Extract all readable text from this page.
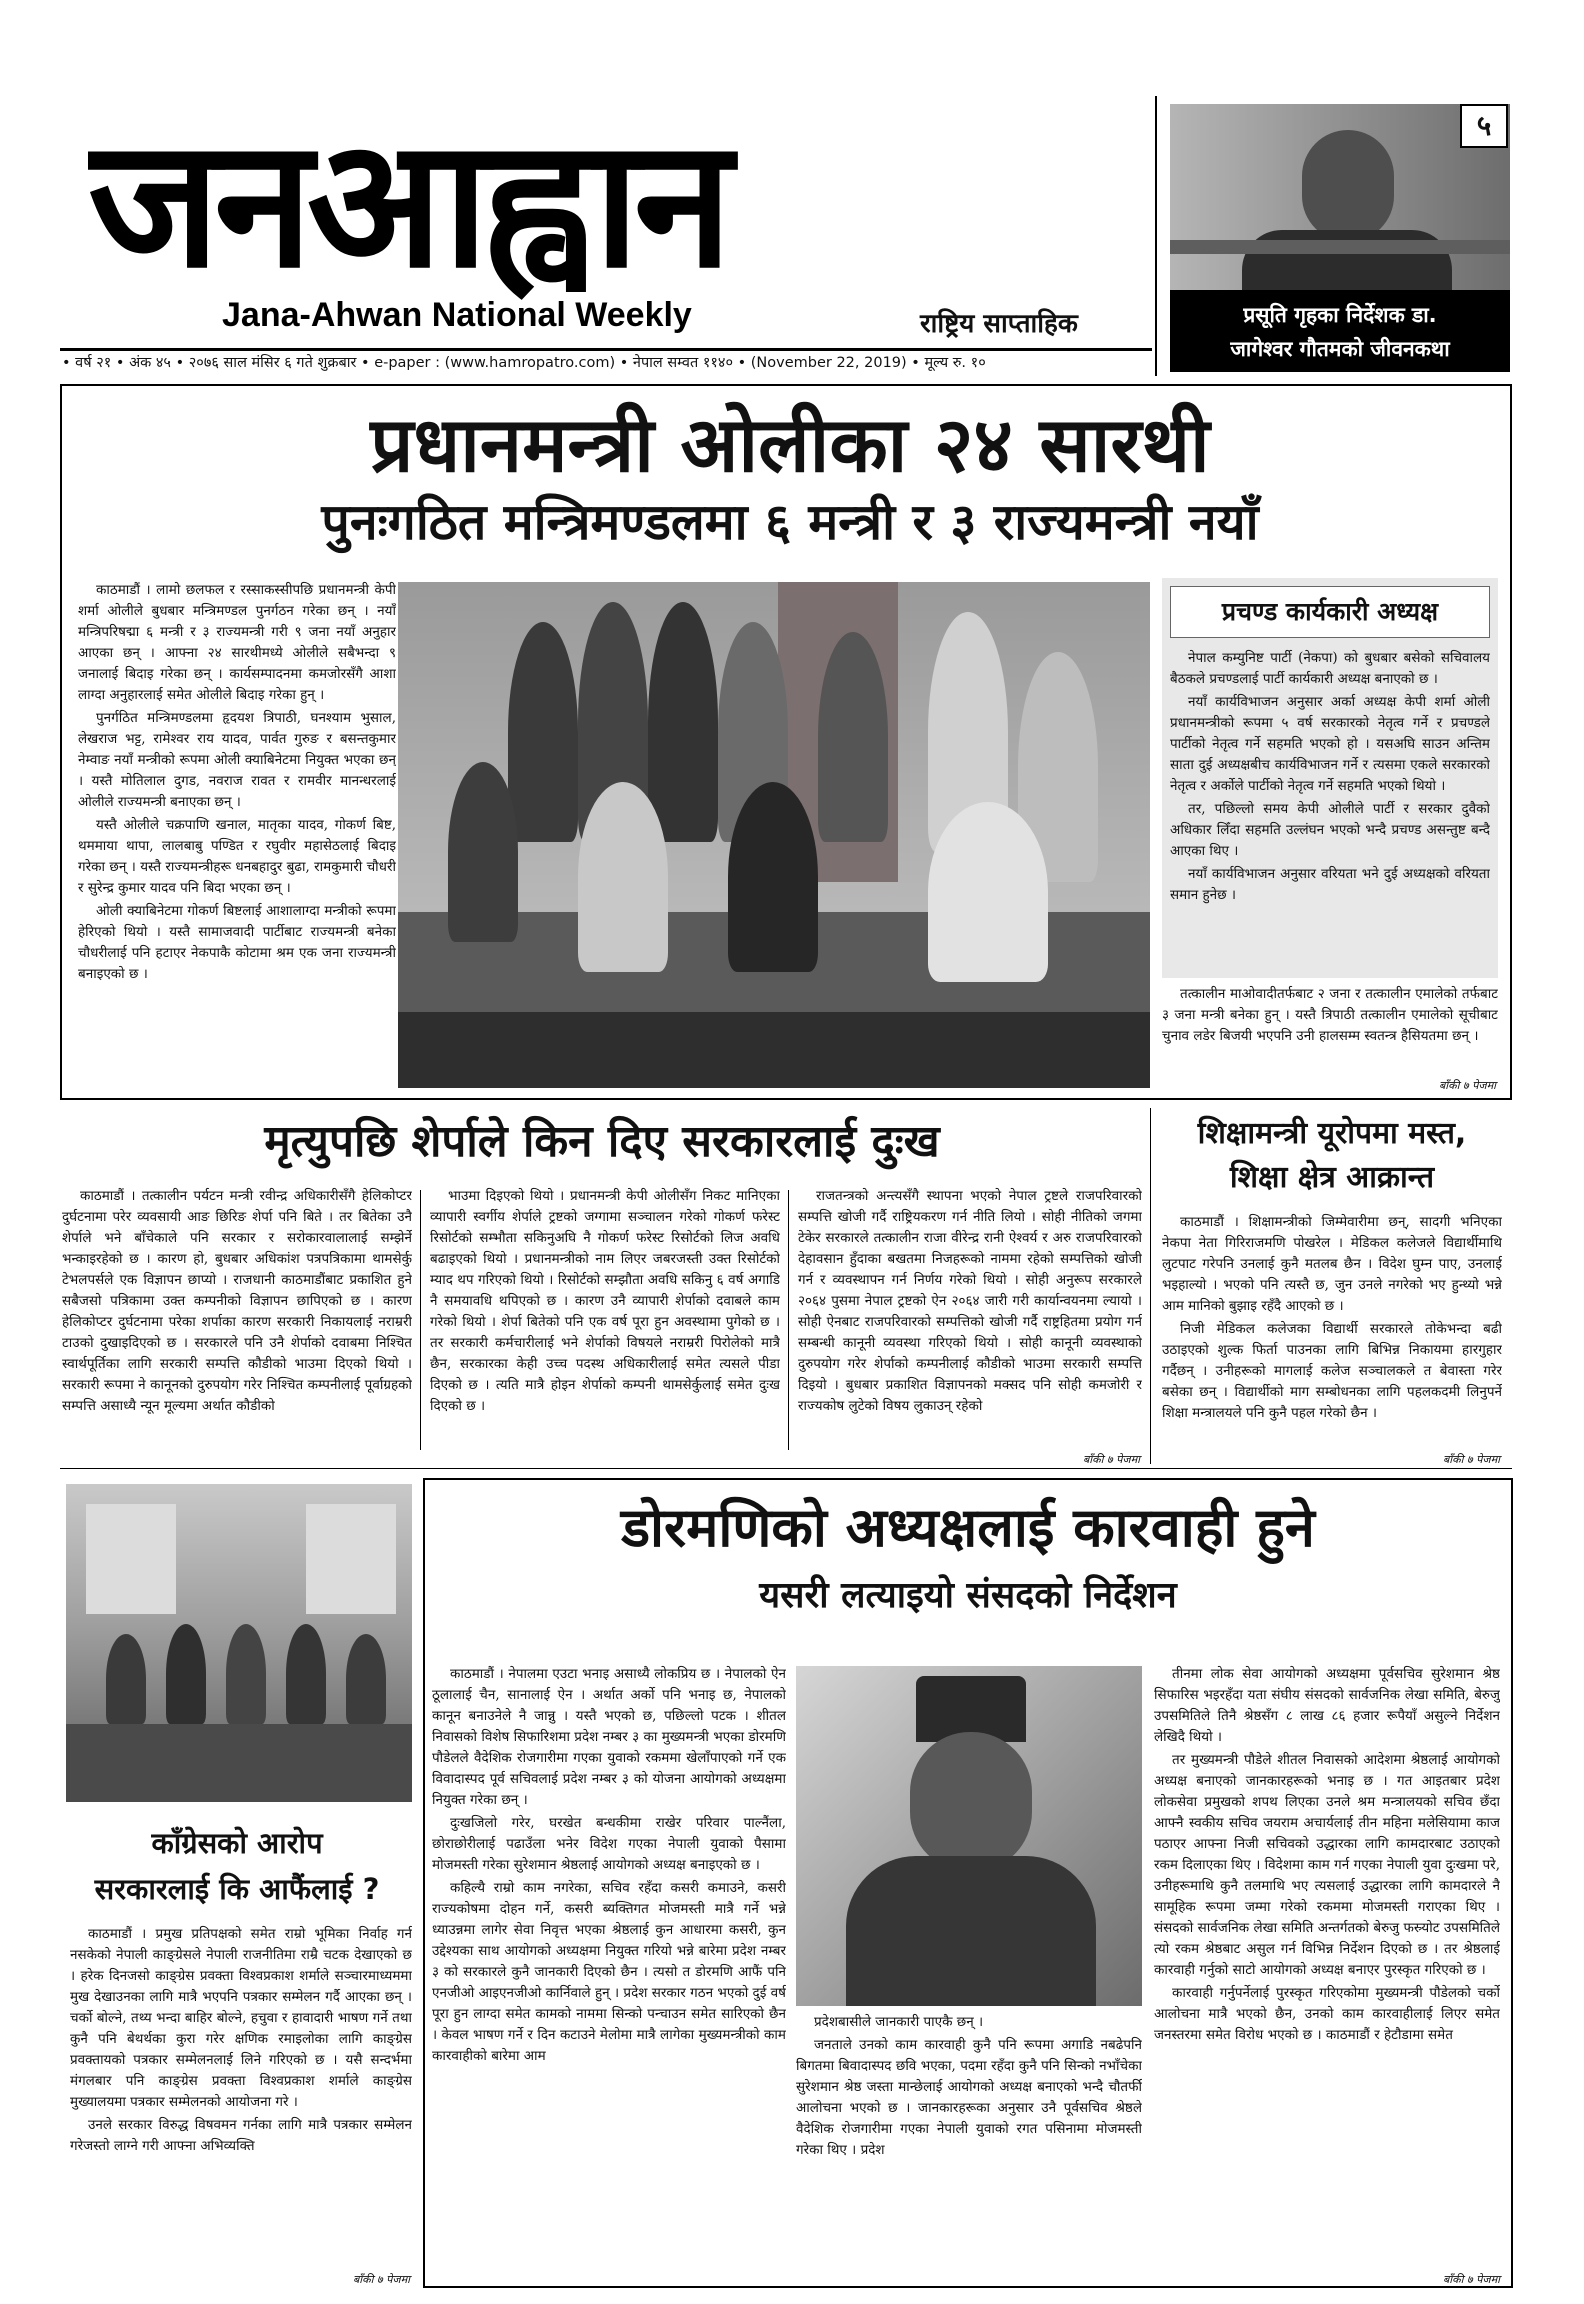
जनआह्वान
Jana-Ahwan National Weekly	राष्ट्रिय साप्ताहिक
• वर्ष २१ • अंक ४५ • २०७६ साल मंसिर ६ गते शुक्रबार • e-paper : (www.hamropatro.com) • नेपाल सम्वत ११४० • (November 22, 2019) • मूल्य रु. १०
५
प्रसूति गृहका निर्देशक डा.
जागेश्वर गौतमको जीवनकथा
प्रधानमन्त्री ओलीका २४ सारथी
पुनःगठित मन्त्रिमण्डलमा ६ मन्त्री र ३ राज्यमन्त्री नयाँ

काठमाडौं । लामो छलफल र रस्साकस्सीपछि प्रधानमन्त्री केपी शर्मा ओलीले बुधबार मन्त्रिमण्डल पुनर्गठन गरेका छन् । नयाँ मन्त्रिपरिषद्मा ६ मन्त्री र ३ राज्यमन्त्री गरी ९ जना नयाँ अनुहार आएका छन् । आफ्ना २४ सारथीमध्ये ओलीले सबैभन्दा ९ जनालाई बिदाइ गरेका छन् । कार्यसम्पादनमा कमजोरसँगै आशा लाग्दा अनुहारलाई समेत ओलीले बिदाइ गरेका हुन् ।

पुनर्गठित मन्त्रिमण्डलमा हृदयश त्रिपाठी, घनश्याम भुसाल, लेखराज भट्ट, रामेश्वर राय यादव, पार्वत गुरुङ र बसन्तकुमार नेम्वाङ नयाँ मन्त्रीको रूपमा ओली क्याबिनेटमा नियुक्त भएका छन् । यस्तै मोतिलाल दुगड, नवराज रावत र रामवीर मानन्धरलाई ओलीले राज्यमन्त्री बनाएका छन् ।

यस्तै ओलीले चक्रपाणि खनाल, मातृका यादव, गोकर्ण बिष्ट, थममाया थापा, लालबाबु पण्डित र रघुवीर महासेठलाई बिदाइ गरेका छन् । यस्तै राज्यमन्त्रीहरू धनबहादुर बुढा, रामकुमारी चौधरी र सुरेन्द्र कुमार यादव पनि बिदा भएका छन् ।

ओली क्याबिनेटमा गोकर्ण बिष्टलाई आशालाग्दा मन्त्रीको रूपमा हेरिएको थियो । यस्तै सामाजवादी पार्टीबाट राज्यमन्त्री बनेका चौधरीलाई पनि हटाएर नेकपाकै कोटामा श्रम एक जना राज्यमन्त्री बनाइएको छ ।

प्रचण्ड कार्यकारी अध्यक्ष

नेपाल कम्युनिष्ट पार्टी (नेकपा) को बुधबार बसेको सचिवालय बैठकले प्रचण्डलाई पार्टी कार्यकारी अध्यक्ष बनाएको छ ।

नयाँ कार्यविभाजन अनुसार अर्का अध्यक्ष केपी शर्मा ओली प्रधानमन्त्रीको रूपमा ५ वर्ष सरकारको नेतृत्व गर्ने र प्रचण्डले पार्टीको नेतृत्व गर्ने सहमति भएको हो । यसअघि साउन अन्तिम साता दुई अध्यक्षबीच कार्यविभाजन गर्ने र त्यसमा एकले सरकारको नेतृत्व र अर्कोले पार्टीको नेतृत्व गर्ने सहमति भएको थियो ।

तर, पछिल्लो समय केपी ओलीले पार्टी र सरकार दुवैको अधिकार लिँदा सहमति उल्लंघन भएको भन्दै प्रचण्ड असन्तुष्ट बन्दै आएका थिए ।

नयाँ कार्यविभाजन अनुसार वरियता भने दुई अध्यक्षको वरियता समान हुनेछ ।

तत्कालीन माओवादीतर्फबाट २ जना र तत्कालीन एमालेको तर्फबाट ३ जना मन्त्री बनेका हुन् । यस्तै त्रिपाठी तत्कालीन एमालेको सूचीबाट चुनाव लडेर बिजयी भएपनि उनी हालसम्म स्वतन्त्र हैसियतमा छन् ।

बाँकी ७ पेजमा
मृत्युपछि शेर्पाले किन दिए सरकारलाई दुःख

काठमाडौं । तत्कालीन पर्यटन मन्त्री रवीन्द्र अधिकारीसँगै हेलिकोप्टर दुर्घटनामा परेर व्यवसायी आङ छिरिङ शेर्पा पनि बिते । तर बितेका उनै शेर्पाले भने बाँचेकाले पनि सरकार र सरोकारवालालाई सम्झेर्ने भन्काइरहेको छ । कारण हो, बुधबार अधिकांश पत्रपत्रिकामा थामसेर्कु टेभलपर्सले एक विज्ञापन छाप्यो । राजधानी काठमाडौंबाट प्रकाशित हुने सबैजसो पत्रिकामा उक्त कम्पनीको विज्ञापन छापिएको छ । कारण हेलिकोप्टर दुर्घटनामा परेका शर्पाका कारण सरकारी निकायलाई नराम्ररी टाउको दुखाइदिएको छ । सरकारले पनि उनै शेर्पाको दवाबमा निश्चित स्वार्थपूर्तिका लागि सरकारी सम्पत्ति कौडीको भाउमा दिएको थियो । सरकारी रूपमा ने कानूनको दुरुपयोग गरेर निश्चित कम्पनीलाई पूर्वाग्रहको सम्पत्ति असाध्यै न्यून मूल्यमा अर्थात कौडीको

भाउमा दिइएको थियो । प्रधानमन्त्री केपी ओलीसँग निकट मानिएका व्यापारी स्वर्गीय शेर्पाले ट्रष्टको जग्गामा सञ्चालन गरेको गोकर्ण फरेस्ट रिसोर्टको सम्भौता सकिनुअघि नै गोकर्ण फरेस्ट रिसोर्टको लिज अवधि बढाइएको थियो । प्रधानमन्त्रीको नाम लिएर जबरजस्ती उक्त रिसोर्टको म्याद थप गरिएको थियो । रिसोर्टको सम्झौता अवधि सकिनु ६ वर्ष अगाडि नै समयावधि थपिएको छ । कारण उनै व्यापारी शेर्पाको दवाबले काम गरेको थियो । शेर्पा बितेको पनि एक वर्ष पूरा हुन अवस्थामा पुगेको छ । तर सरकारी कर्मचारीलाई भने शेर्पाको विषयले नराम्ररी पिरोलेको मात्रै छैन, सरकारका केही उच्च पदस्थ अधिकारीलाई समेत त्यसले पीडा दिएको छ । त्यति मात्रै होइन शेर्पाको कम्पनी थामसेर्कुलाई समेत दुःख दिएको छ ।

राजतन्त्रको अन्त्यसँगै स्थापना भएको नेपाल ट्रष्टले राजपरिवारको सम्पत्ति खोजी गर्दै राष्ट्रियकरण गर्न नीति लियो । सोही नीतिको जगमा टेकेर सरकारले तत्कालीन राजा वीरेन्द्र रानी ऐश्वर्य र अरु राजपरिवारको देहावसान हुँदाका बखतमा निजहरूको नाममा रहेको सम्पत्तिको खोजी गर्न र व्यवस्थापन गर्न निर्णय गरेको थियो । सोही अनुरूप सरकारले २०६४ पुसमा नेपाल ट्रष्टको ऐन २०६४ जारी गरी कार्यान्वयनमा ल्यायो । सोही ऐनबाट राजपरिवारको सम्पत्तिको खोजी गर्दै राष्ट्रहितमा प्रयोग गर्न सम्बन्धी कानूनी व्यवस्था गरिएको थियो । सोही कानूनी व्यवस्थाको दुरुपयोग गरेर शेर्पाको कम्पनीलाई कौडीको भाउमा सरकारी सम्पत्ति दिइयो । बुधबार प्रकाशित विज्ञापनको मक्सद पनि सोही कमजोरी र राज्यकोष लुटेको विषय लुकाउन् रहेको

बाँकी ७ पेजमा
शिक्षामन्त्री यूरोपमा मस्त,
शिक्षा क्षेत्र आक्रान्त

काठमाडौं । शिक्षामन्त्रीको जिम्मेवारीमा छन्, सादगी भनिएका नेकपा नेता गिरिराजमणि पोखरेल । मेडिकल कलेजले विद्यार्थीमाथि लुटपाट गरेपनि उनलाई कुनै मतलब छैन । विदेश घुम्न पाए, उनलाई भइहाल्यो । भएको पनि त्यस्तै छ, जुन उनले नगरेको भए हुन्थ्यो भन्ने आम मानिको बुझाइ रहँदै आएको छ ।

निजी मेडिकल कलेजका विद्यार्थी सरकारले तोकेभन्दा बढी उठाइएको शुल्क फिर्ता पाउनका लागि बिभिन्न निकायमा हारगुहार गर्दैछन् । उनीहरूको मागलाई कलेज सञ्चालकले त बेवास्ता गरेर बसेका छन् । विद्यार्थीको माग सम्बोधनका लागि पहलकदमी लिनुपर्ने शिक्षा मन्त्रालयले पनि कुनै पहल गरेको छैन ।

बाँकी ७ पेजमा
काँग्रेसको आरोप
सरकारलाई कि आफैंलाई ?

काठमाडौं । प्रमुख प्रतिपक्षको समेत राम्रो भूमिका निर्वाह गर्न नसकेको नेपाली काङ्ग्रेसले नेपाली राजनीतिमा राम्रै चटक देखाएको छ । हरेक दिनजसो काङ्ग्रेस प्रवक्ता विश्वप्रकाश शर्माले सञ्चारमाध्यममा मुख देखाउनका लागि मात्रै भएपनि पत्रकार सम्मेलन गर्दै आएका छन् । चर्को बोल्ने, तथ्य भन्दा बाहिर बोल्ने, हचुवा र हावादारी भाषण गर्ने तथा कुनै पनि बेथर्थका कुरा गरेर क्षणिक रमाइलोका लागि काङ्ग्रेस प्रवक्तायको पत्रकार सम्मेलनलाई लिने गरिएको छ । यसै सन्दर्भमा मंगलबार पनि काङ्ग्रेस प्रवक्ता विश्वप्रकाश शर्माले काङ्ग्रेस मुख्यालयमा पत्रकार सम्मेलनको आयोजना गरे ।

उनले सरकार विरुद्ध विषवमन गर्नका लागि मात्रै पत्रकार सम्मेलन गरेजस्तो लाग्ने गरी आफ्ना अभिव्यक्ति

बाँकी ७ पेजमा
डोरमणिको अध्यक्षलाई कारवाही हुने
यसरी लत्याइयो संसदको निर्देशन

काठमाडौं । नेपालमा एउटा भनाइ असाध्यै लोकप्रिय छ । नेपालको ऐन ठूलालाई चैन, सानालाई ऐन । अर्थात अर्को पनि भनाइ छ, नेपालको कानून बनाउनेले नै जान्नु । यस्तै भएको छ, पछिल्लो पटक । शीतल निवासको विशेष सिफारिशमा प्रदेश नम्बर ३ का मुख्यमन्त्री भएका डोरमणि पौडेलले वैदेशिक रोजगारीमा गएका युवाको रकममा खेलाँपाएको गर्ने एक विवादास्पद पूर्व सचिवलाई प्रदेश नम्बर ३ को योजना आयोगको अध्यक्षमा नियुक्त गरेका छन् ।

दुःखजिलो गरेर, घरखेत बन्धकीमा राखेर परिवार पाल्नैंला, छोराछोरीलाई पढाउँला भनेर विदेश गएका नेपाली युवाको पैसामा मोजमस्ती गरेका सुरेशमान श्रेष्ठलाई आयोगको अध्यक्ष बनाइएको छ ।

कहिल्यै राम्रो काम नगरेका, सचिव रहँदा कसरी कमाउने, कसरी राज्यकोषमा दोहन गर्ने, कसरी ब्यक्तिगत मोजमस्ती मात्रै गर्ने भन्ने ध्याउन्नमा लागेर सेवा निवृत्त भएका श्रेष्ठलाई कुन आधारमा कसरी, कुन उद्देश्यका साथ आयोगको अध्यक्षमा नियुक्त गरियो भन्ने बारेमा प्रदेश नम्बर ३ को सरकारले कुनै जानकारी दिएको छैन । त्यसो त डोरमणि आफैं पनि एनजीओ आइएनजीओ कार्निवाले हुन् । प्रदेश सरकार गठन भएको दुई वर्ष पूरा हुन लाग्दा समेत कामको नाममा सिन्को पन्चाउन समेत सारिएको छैन । केवल भाषण गर्ने र दिन कटाउने मेलोमा मात्रै लागेका मुख्यमन्त्रीको काम कारवाहीको बारेमा आम

प्रदेशबासीले जानकारी पाएकै छन् ।

जनताले उनको काम कारवाही कुनै पनि रूपमा अगाडि नबढेपनि बिगतमा बिवादास्पद छवि भएका, पदमा रहँदा कुनै पनि सिन्को नभाँचेका सुरेशमान श्रेष्ठ जस्ता मान्छेलाई आयोगको अध्यक्ष बनाएको भन्दै चौतर्फी आलोचना भएको छ । जानकारहरूका अनुसार उनै पूर्वसचिव श्रेष्ठले वैदेशिक रोजगारीमा गएका नेपाली युवाको रगत पसिनामा मोजमस्ती गरेका थिए । प्रदेश

तीनमा लोक सेवा आयोगको अध्यक्षमा पूर्वसचिव सुरेशमान श्रेष्ठ सिफारिस भइरहँदा यता संघीय संसदको सार्वजनिक लेखा समिति, बेरुजु उपसमितिले तिनै श्रेष्ठसँग ८ लाख ८६ हजार रूपैयाँ असुल्ने निर्देशन लेखिदै थियो ।

तर मुख्यमन्त्री पौडेले शीतल निवासको आदेशमा श्रेष्ठलाई आयोगको अध्यक्ष बनाएको जानकारहरूको भनाइ छ । गत आइतबार प्रदेश लोकसेवा प्रमुखको शपथ लिएका उनले श्रम मन्त्रालयको सचिव छँदा आफ्नै स्वकीय सचिव जयराम अचार्यलाई तीन महिना मलेसियामा काज पठाएर आफ्ना निजी सचिवको उद्धारका लागि कामदारबाट उठाएको रकम दिलाएका थिए । विदेशमा काम गर्न गएका नेपाली युवा दुःखमा परे, उनीहरूमाथि कुनै तलमाथि भए त्यसलाई उद्धारका लागि कामदारले नै सामूहिक रूपमा जम्मा गरेको रकममा मोजमस्ती गराएका थिए । संसदको सार्वजनिक लेखा समिति अन्तर्गतको बेरुजु फस्र्योट उपसमितिले त्यो रकम श्रेष्ठबाट असुल गर्न विभिन्न निर्देशन दिएको छ । तर श्रेष्ठलाई कारवाही गर्नुको साटो आयोगको अध्यक्ष बनाएर पुरस्कृत गरिएको छ ।

कारवाही गर्नुपर्नेलाई पुरस्कृत गरिएकोमा मुख्यमन्त्री पौडेलको चर्को आलोचना मात्रै भएको छैन, उनको काम कारवाहीलाई लिएर समेत जनस्तरमा समेत विरोध भएको छ । काठमाडौं र हेटौडामा समेत

बाँकी ७ पेजमा
